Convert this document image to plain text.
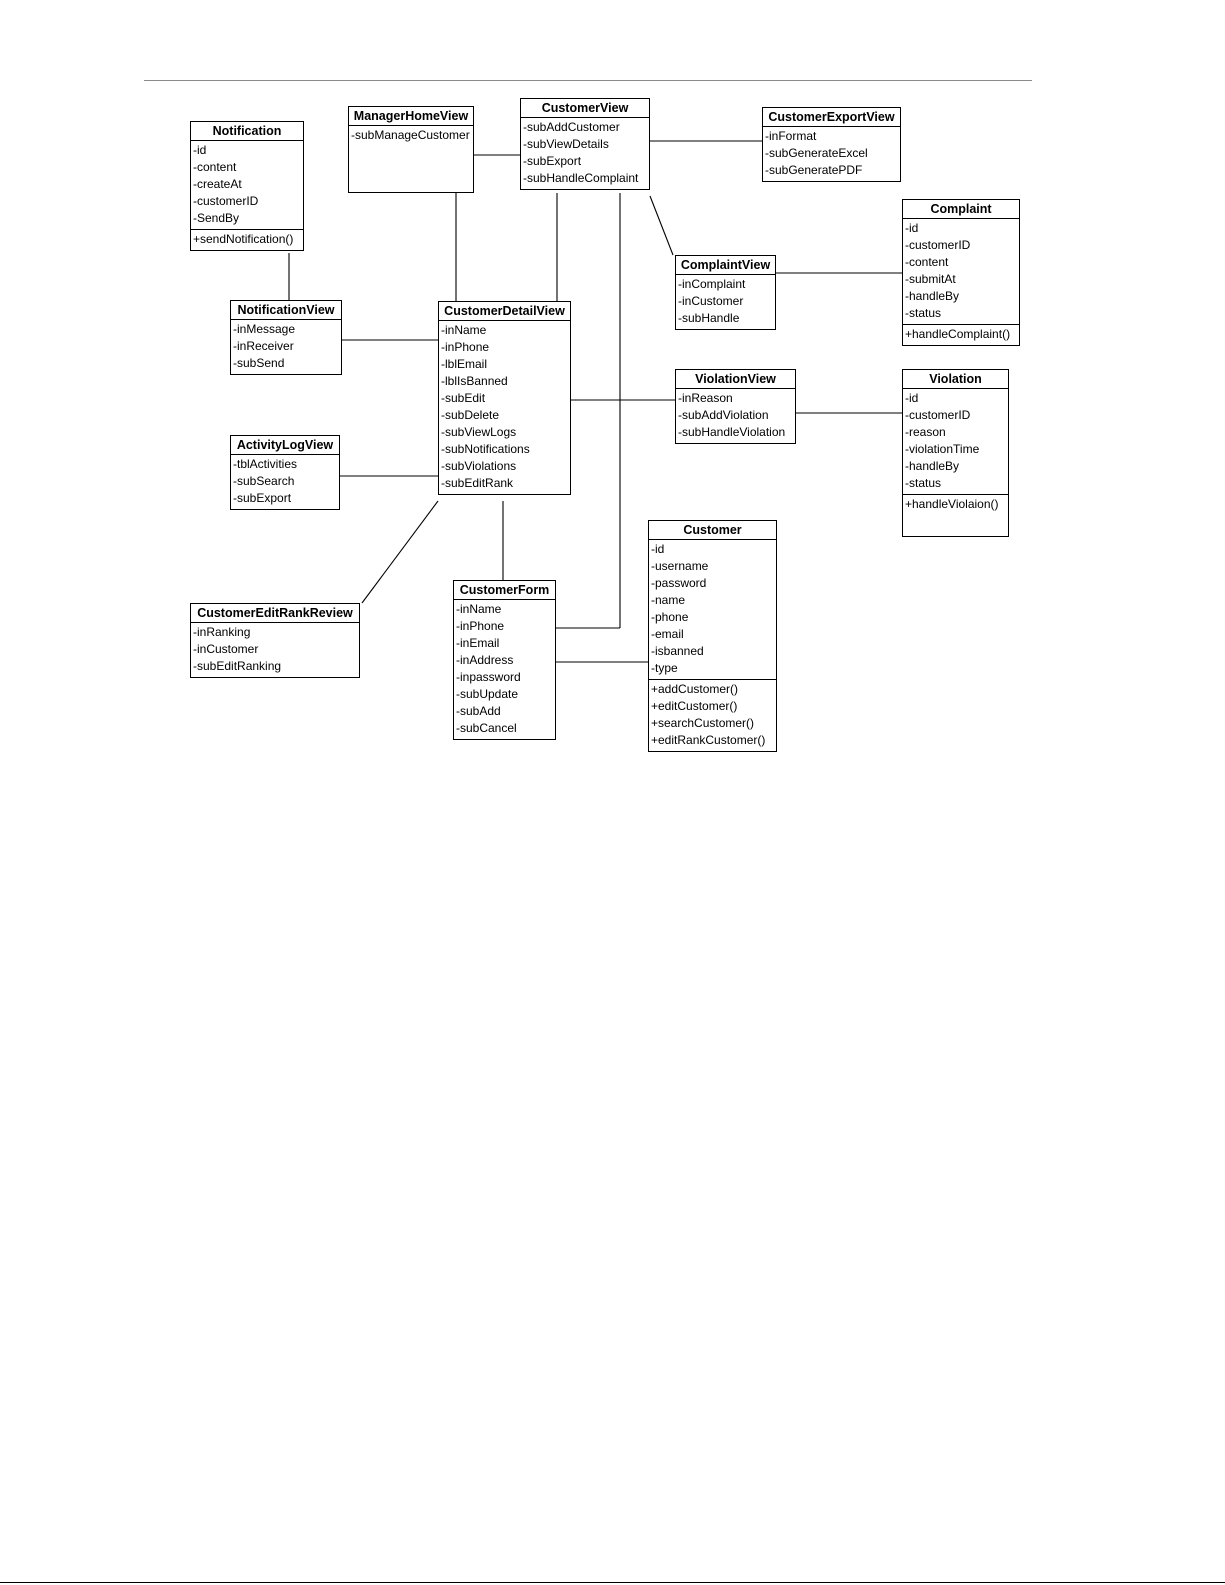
Notification
-id
-content
-createAt
-customerID
-SendBy
+sendNotification()
ManagerHomeView
-subManageCustomer
CustomerView
-subAddCustomer
-subViewDetails
-subExport
-subHandleComplaint
CustomerExportView
-inFormat
-subGenerateExcel
-subGeneratePDF
Complaint
-id
-customerID
-content
-submitAt
-handleBy
-status
+handleComplaint()
ComplaintView
-inComplaint
-inCustomer
-subHandle
NotificationView
-inMessage
-inReceiver
-subSend
CustomerDetailView
-inName
-inPhone
-lblEmail
-lblIsBanned
-subEdit
-subDelete
-subViewLogs
-subNotifications
-subViolations
-subEditRank
ViolationView
-inReason
-subAddViolation
-subHandleViolation
Violation
-id
-customerID
-reason
-violationTime
-handleBy
-status
+handleViolaion()
ActivityLogView
-tblActivities
-subSearch
-subExport
Customer
-id
-username
-password
-name
-phone
-email
-isbanned
-type
+addCustomer()
+editCustomer()
+searchCustomer()
+editRankCustomer()
CustomerEditRankReview
-inRanking
-inCustomer
-subEditRanking
CustomerForm
-inName
-inPhone
-inEmail
-inAddress
-inpassword
-subUpdate
-subAdd
-subCancel
